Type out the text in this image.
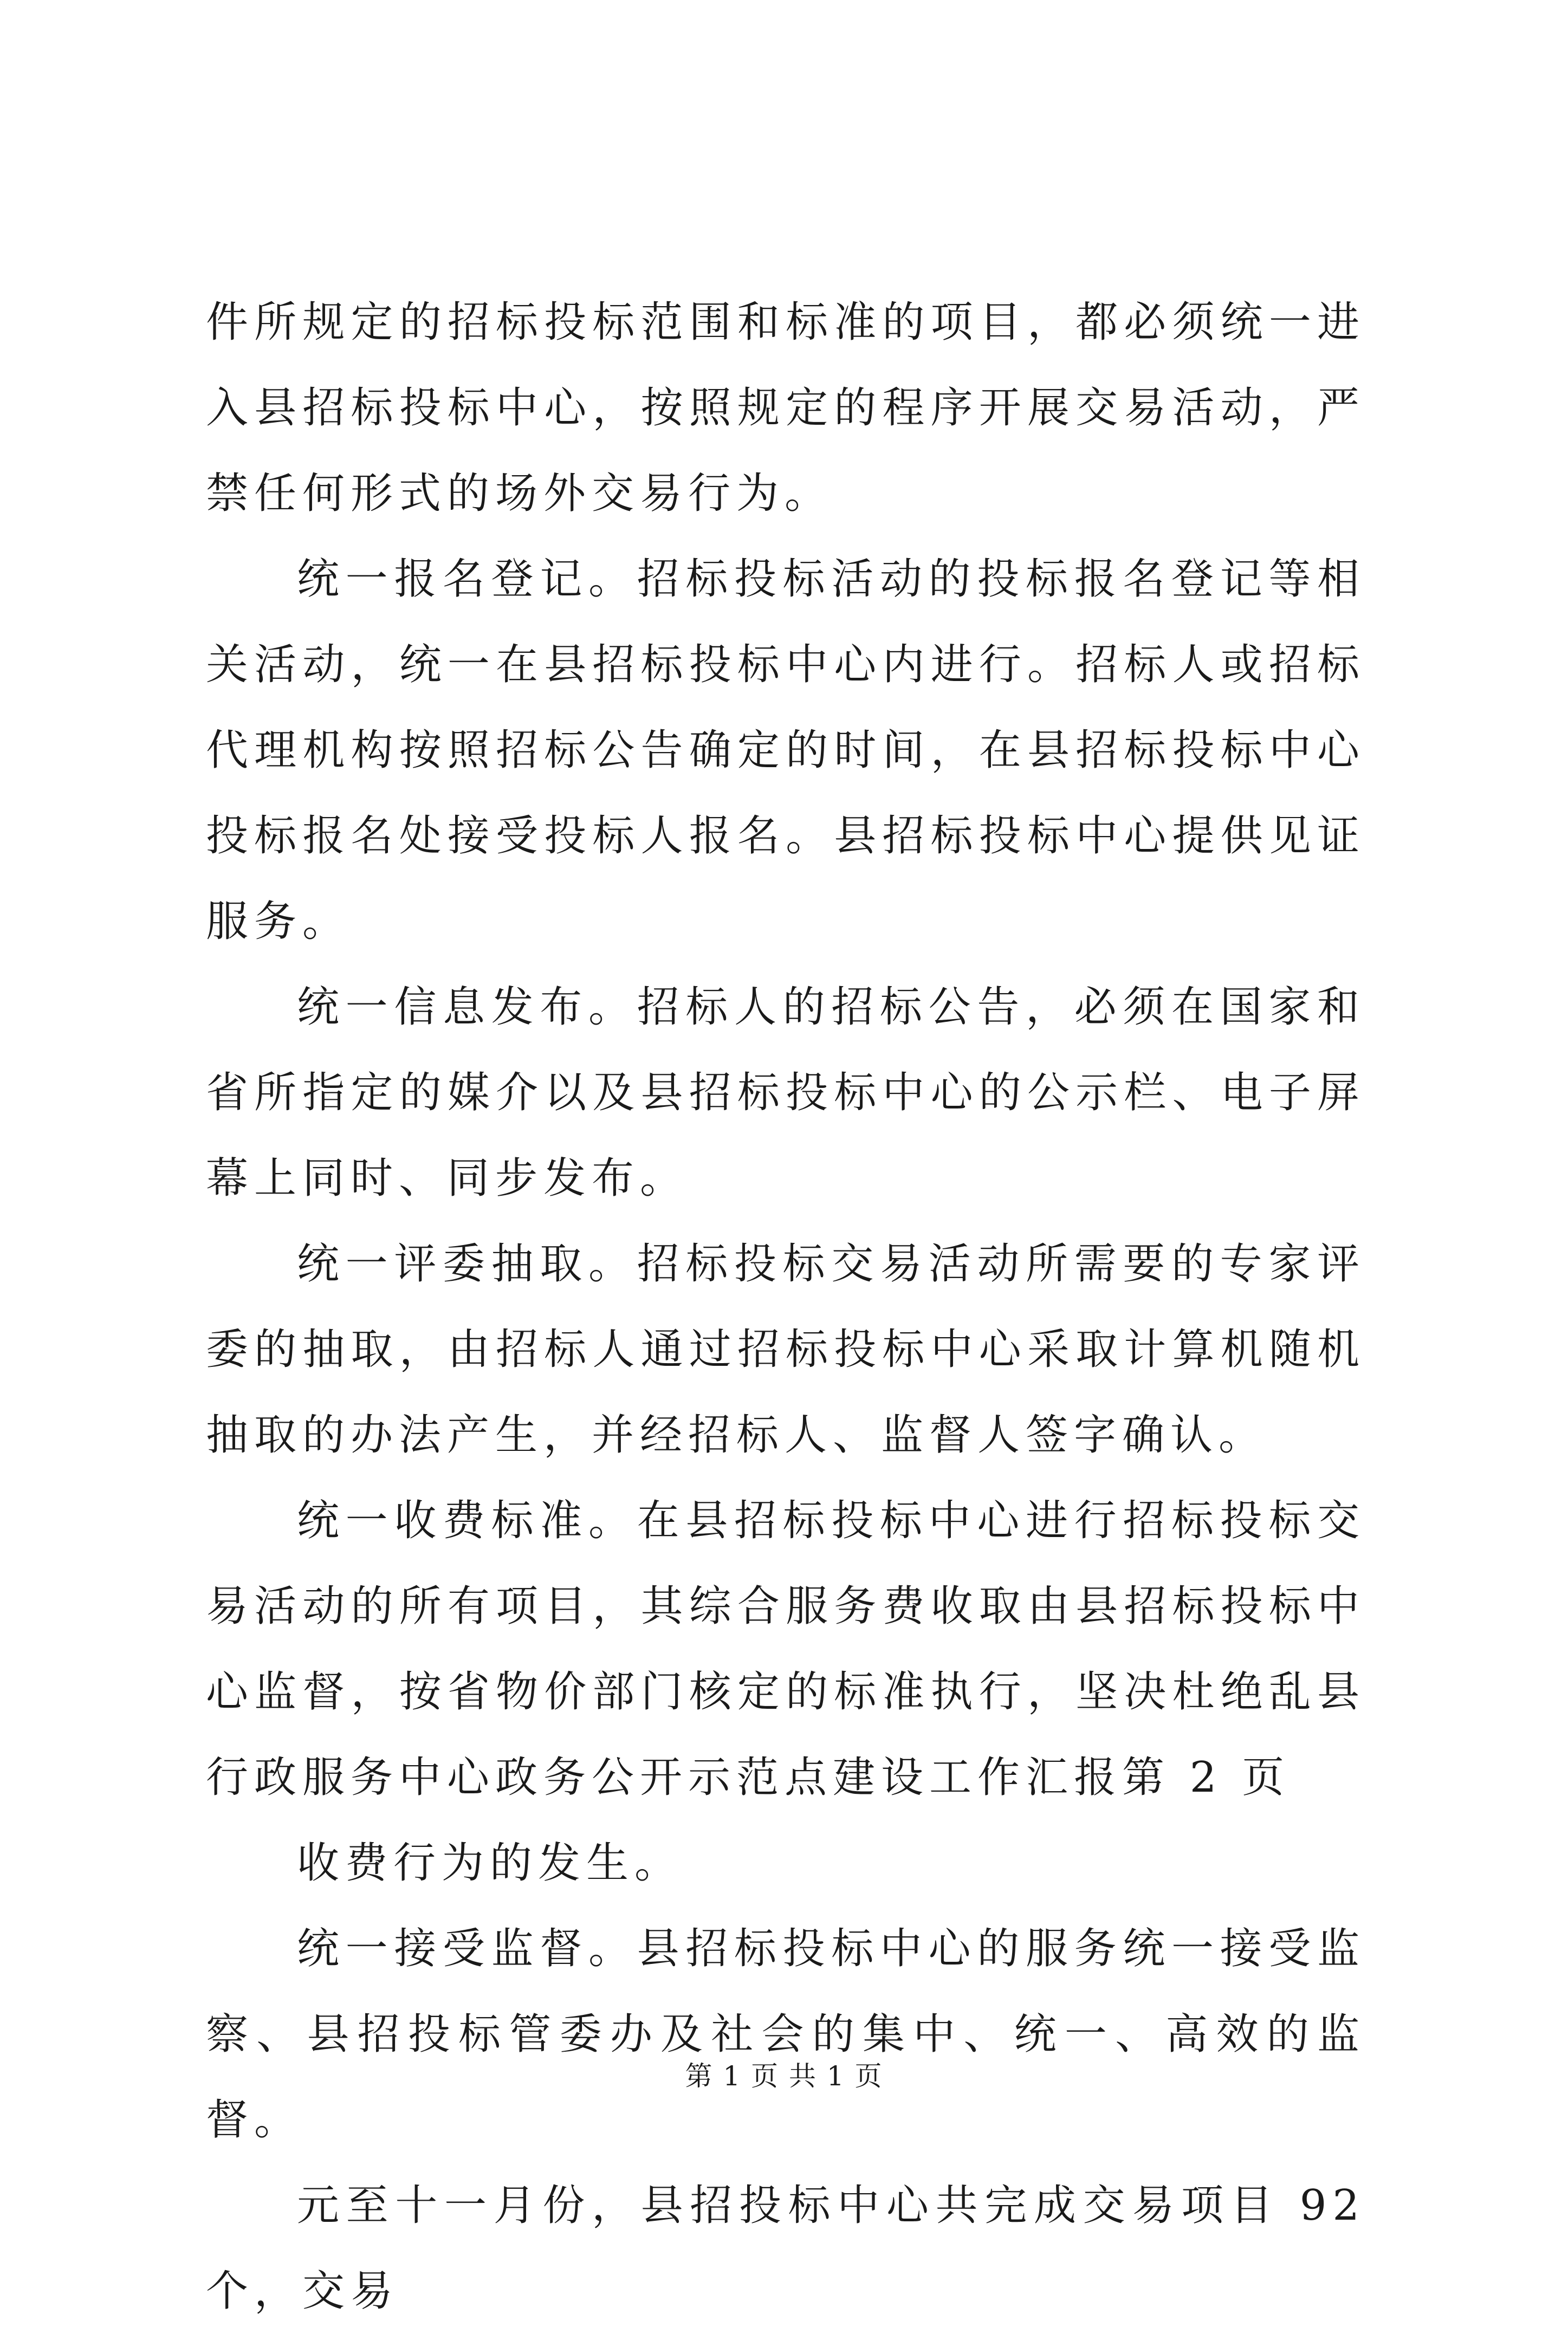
件所规定的招标投标范围和标准的项目，都必须统一进入县招标投标中心，按照规定的程序开展交易活动，严禁任何形式的场外交易行为。

统一报名登记。招标投标活动的投标报名登记等相关活动，统一在县招标投标中心内进行。招标人或招标代理机构按照招标公告确定的时间，在县招标投标中心投标报名处接受投标人报名。县招标投标中心提供见证服务。

统一信息发布。招标人的招标公告，必须在国家和省所指定的媒介以及县招标投标中心的公示栏、电子屏幕上同时、同步发布。

统一评委抽取。招标投标交易活动所需要的专家评委的抽取，由招标人通过招标投标中心采取计算机随机抽取的办法产生，并经招标人、监督人签字确认。

统一收费标准。在县招标投标中心进行招标投标交易活动的所有项目，其综合服务费收取由县招标投标中心监督，按省物价部门核定的标准执行，坚决杜绝乱县行政服务中心政务公开示范点建设工作汇报第 2 页

收费行为的发生。

统一接受监督。县招标投标中心的服务统一接受监察、县招投标管委办及社会的集中、统一、高效的监督。

元至十一月份，县招投标中心共完成交易项目 92 个，交易

第 1 页 共 1 页
